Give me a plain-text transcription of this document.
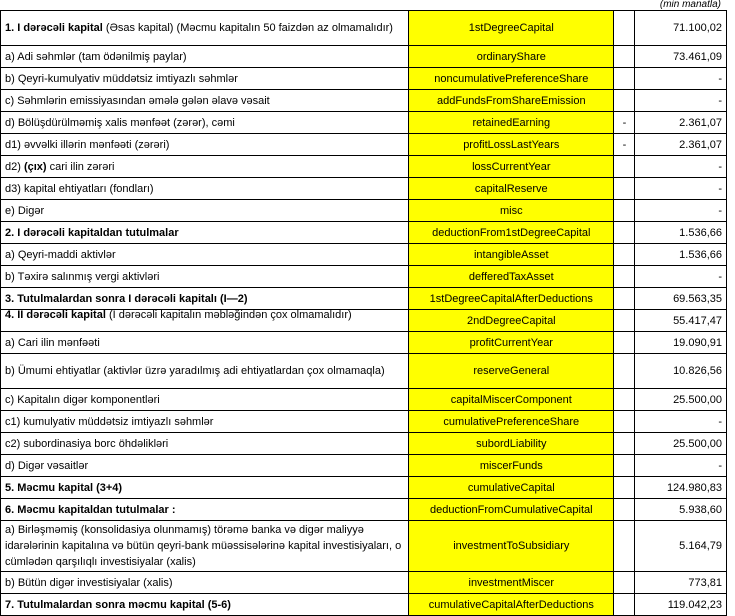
(min manatla)
1. I dərəcəli kapital (Əsas kapital) (Məcmu kapitalın 50 faizdən az olmamalıdır)	1stDegreeCapital		71.100,02
a) Adi səhmlər (tam ödənilmiş paylar)	ordinaryShare		73.461,09
b) Qeyri-kumulyativ müddətsiz imtiyazlı səhmlər	noncumulativePreferenceShare		-
c) Səhmlərin emissiyasından əmələ gələn əlavə vəsait	addFundsFromShareEmission		-
d) Bölüşdürülməmiş xalis mənfəət (zərər), cəmi	retainedEarning	-	2.361,07
d1) əvvəlki illərin mənfəəti (zərəri)	profitLossLastYears	-	2.361,07
d2) (çıx) cari ilin zərəri	lossCurrentYear		-
d3) kapital ehtiyatları (fondları)	capitalReserve		-
e) Digər	misc		-
2. I dərəcəli kapitaldan tutulmalar	deductionFrom1stDegreeCapital		1.536,66
a) Qeyri-maddi aktivlər	intangibleAsset		1.536,66
b) Təxirə salınmış vergi aktivləri	defferedTaxAsset		-
3. Tutulmalardan sonra I dərəcəli kapitalı (I—2)	1stDegreeCapitalAfterDeductions		69.563,35
4. II dərəcəli kapital (I dərəcəli kapitalın məbləğindən çox olmamalıdır)	2ndDegreeCapital		55.417,47
a) Cari ilin mənfəəti	profitCurrentYear		19.090,91
b) Ümumi ehtiyatlar (aktivlər üzrə yaradılmış adi ehtiyatlardan çox olmamaqla)	reserveGeneral		10.826,56
c) Kapitalın digər komponentləri	capitalMiscerComponent		25.500,00
c1) kumulyativ müddətsiz imtiyazlı səhmlər	cumulativePreferenceShare		-
c2) subordinasiya borc öhdəlikləri	subordLiability		25.500,00
d) Digər vəsaitlər	miscerFunds		-
5. Məcmu kapital (3+4)	cumulativeCapital		124.980,83
6. Məcmu kapitaldan tutulmalar :	deductionFromCumulativeCapital		5.938,60
a) Birləşməmiş (konsolidasiya olunmamış) törəmə banka və digər maliyyə idarələrinin kapitalına və bütün qeyri-bank müəssisələrinə kapital investisiyaları, o cümlədən qarşılıqlı investisiyalar (xalis)	investmentToSubsidiary		5.164,79
b) Bütün digər investisiyalar (xalis)	investmentMiscer		773,81
7. Tutulmalardan sonra məcmu kapital (5-6)	cumulativeCapitalAfterDeductions		119.042,23
